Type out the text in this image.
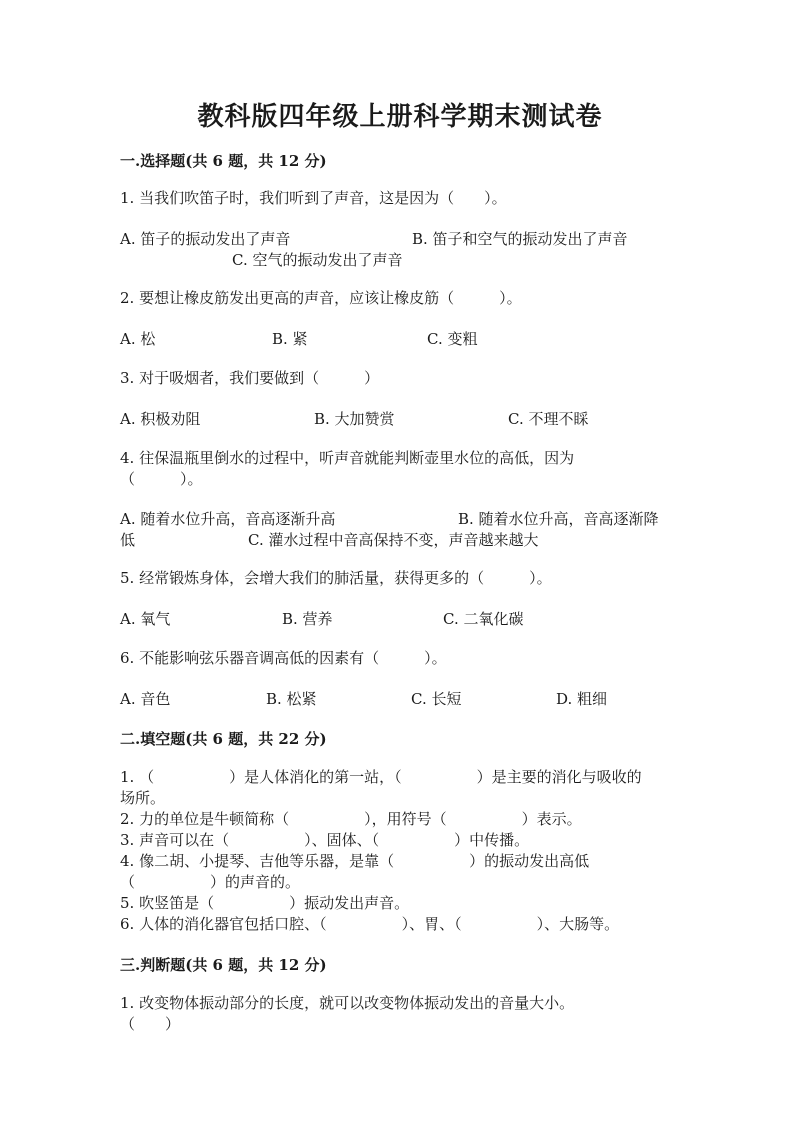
教科版四年级上册科学期末测试卷
一.选择题(共 6 题，共 12 分)
1. 当我们吹笛子时，我们听到了声音，这是因为（　　）。
A. 笛子的振动发出了声音	B. 笛子和空气的振动发出了声音
C. 空气的振动发出了声音
2. 要想让橡皮筋发出更高的声音，应该让橡皮筋（　　　）。
A. 松	B. 紧	C. 变粗
3. 对于吸烟者，我们要做到（　　　）
A. 积极劝阻	B. 大加赞赏	C. 不理不睬
4. 往保温瓶里倒水的过程中，听声音就能判断壶里水位的高低，因为
（　　　）。
A. 随着水位升高，音高逐渐升高	B. 随着水位升高，音高逐渐降
低	C. 灌水过程中音高保持不变，声音越来越大
5. 经常锻炼身体，会增大我们的肺活量，获得更多的（　　　）。
A. 氧气	B. 营养	C. 二氧化碳
6. 不能影响弦乐器音调高低的因素有（　　　）。
A. 音色	B. 松紧	C. 长短	D. 粗细
二.填空题(共 6 题，共 22 分)
1. （　　　　　）是人体消化的第一站，（　　　　　）是主要的消化与吸收的
场所。
2. 力的单位是牛顿简称（　　　　　），用符号（　　　　　）表示。
3. 声音可以在（　　　　　）、固体、（　　　　　）中传播。
4. 像二胡、小提琴、吉他等乐器，是靠（　　　　　）的振动发出高低
（　　　　　）的声音的。
5. 吹竖笛是（　　　　　）振动发出声音。
6. 人体的消化器官包括口腔、（　　　　　）、胃、（　　　　　）、大肠等。
三.判断题(共 6 题，共 12 分)
1. 改变物体振动部分的长度，就可以改变物体振动发出的音量大小。
（　　）
